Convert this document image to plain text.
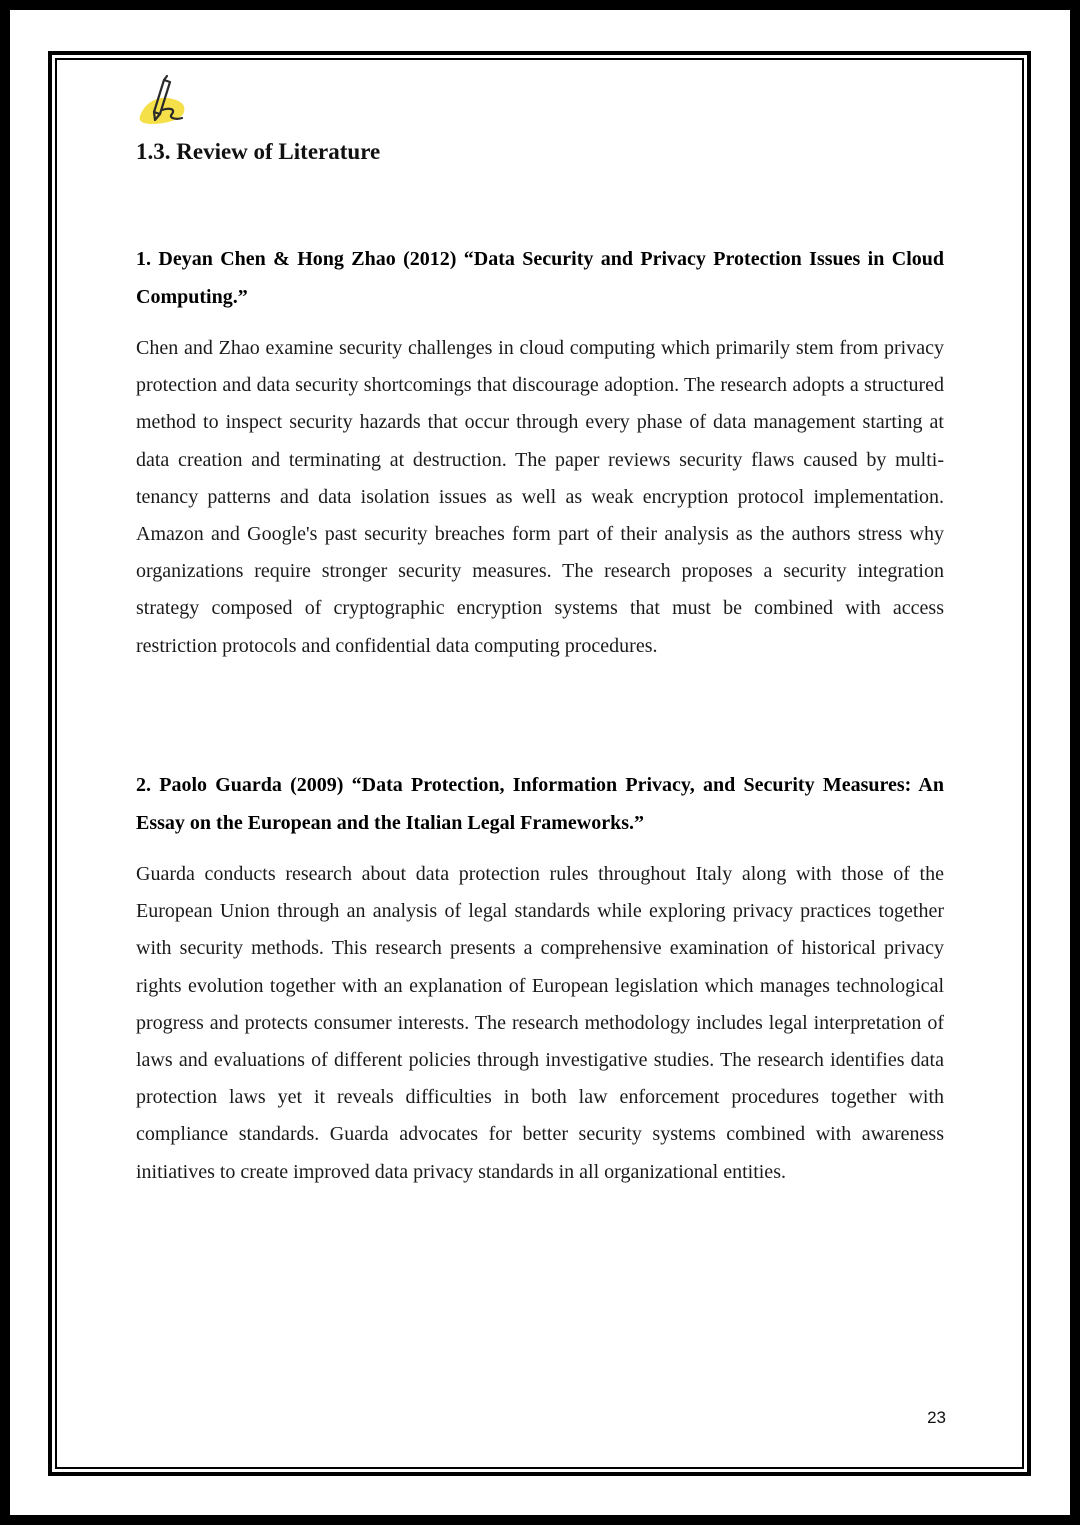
1.3. Review of Literature

1. Deyan Chen & Hong Zhao (2012) “Data Security and Privacy Protection Issues in Cloud Computing.”

Chen and Zhao examine security challenges in cloud computing which primarily stem from privacy protection and data security shortcomings that discourage adoption. The research adopts a structured method to inspect security hazards that occur through every phase of data management starting at data creation and terminating at destruction. The paper reviews security flaws caused by multi-tenancy patterns and data isolation issues as well as weak encryption protocol implementation. Amazon and Google's past security breaches form part of their analysis as the authors stress why organizations require stronger security measures. The research proposes a security integration strategy composed of cryptographic encryption systems that must be combined with access restriction protocols and confidential data computing procedures.

2. Paolo Guarda (2009) “Data Protection, Information Privacy, and Security Measures: An Essay on the European and the Italian Legal Frameworks.”

Guarda conducts research about data protection rules throughout Italy along with those of the European Union through an analysis of legal standards while exploring privacy practices together with security methods. This research presents a comprehensive examination of historical privacy rights evolution together with an explanation of European legislation which manages technological progress and protects consumer interests. The research methodology includes legal interpretation of laws and evaluations of different policies through investigative studies. The research identifies data protection laws yet it reveals difficulties in both law enforcement procedures together with compliance standards. Guarda advocates for better security systems combined with awareness initiatives to create improved data privacy standards in all organizational entities.

23
